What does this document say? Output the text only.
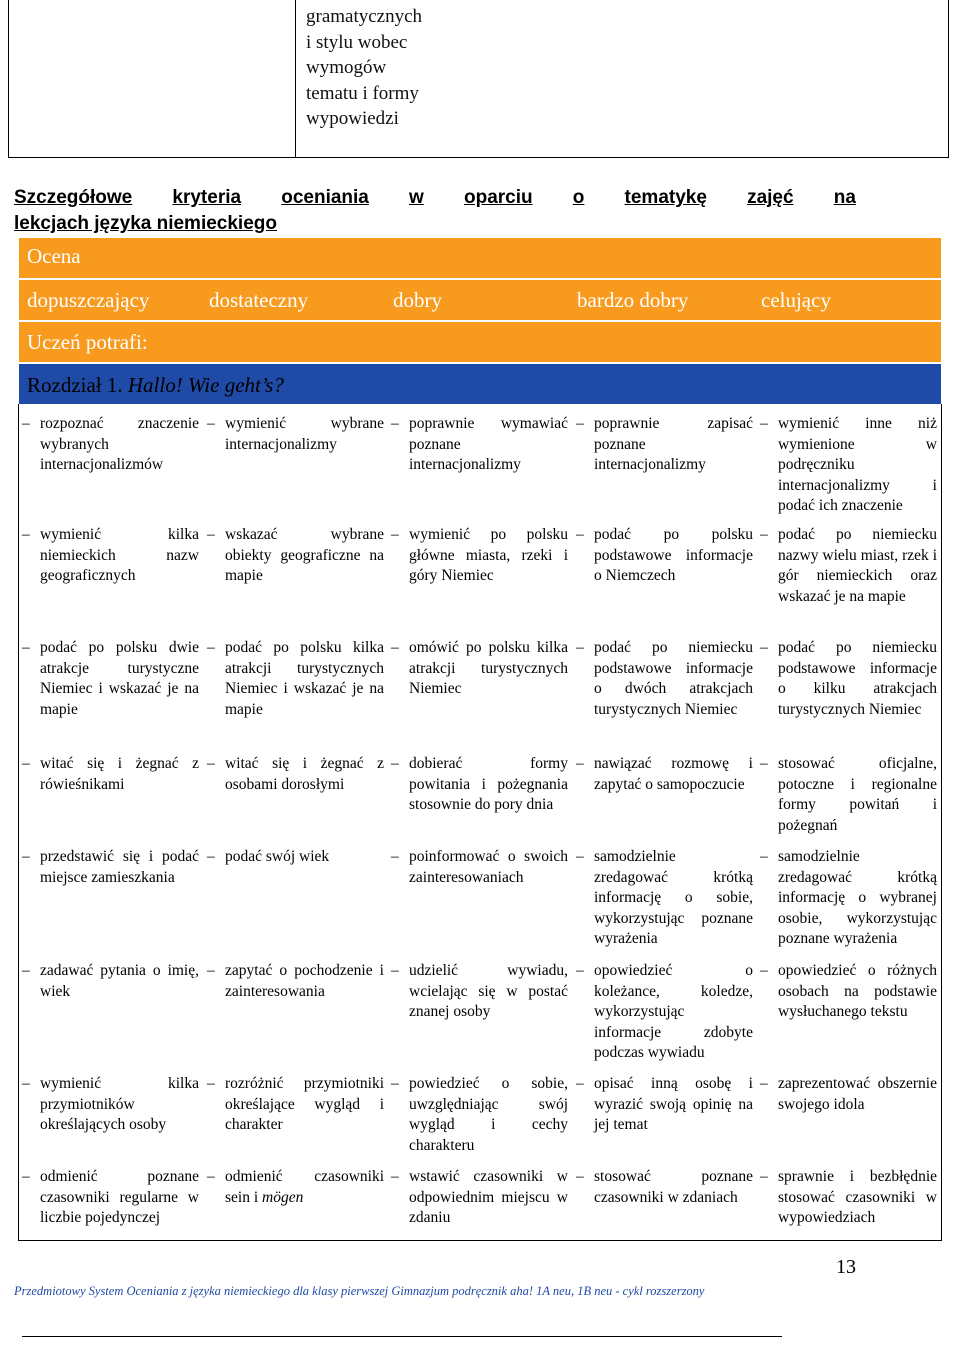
gramatycznych
i stylu wobec
wymogów
tematu i formy
wypowiedzi
Szczegółowe kryteria oceniania w oparciu o tematykę zajęć na
lekcjach języka niemieckiego
Ocena
dopuszczający	dostateczny	dobry	bardzo dobry	celujący
Uczeń potrafi:
Rozdział 1. Hallo! Wie geht’s?
– rozpoznać znaczenie wybranych internacjonalizmów
– wymienić wybrane internacjonalizmy
– poprawnie wymawiać poznane internacjonalizmy
– poprawnie zapisać poznane internacjonalizmy
– wymienić inne niż wymienione w podręczniku internacjonalizmy i podać ich znaczenie
– wymienić kilka niemieckich nazw geograficznych
– wskazać wybrane obiekty geograficzne na mapie
– wymienić po polsku główne miasta, rzeki i góry Niemiec
– podać po polsku podstawowe informacje o Niemczech
– podać po niemiecku nazwy wielu miast, rzek i gór niemieckich oraz wskazać je na mapie
– podać po polsku dwie atrakcje turystyczne Niemiec i wskazać je na mapie
– podać po polsku kilka atrakcji turystycznych Niemiec i wskazać je na mapie
– omówić po polsku kilka atrakcji turystycznych Niemiec
– podać po niemiecku podstawowe informacje o dwóch atrakcjach turystycznych Niemiec
– podać po niemiecku podstawowe informacje o kilku atrakcjach turystycznych Niemiec
– witać się i żegnać z rówieśnikami
– witać się i żegnać z osobami dorosłymi
– dobierać formy powitania i pożegnania stosownie do pory dnia
– nawiązać rozmowę i zapytać o samopoczucie
– stosować oficjalne, potoczne i regionalne formy powitań i pożegnań
– przedstawić się i podać miejsce zamieszkania
– podać swój wiek
–	poinformować o swoich zainteresowaniach
– samodzielnie zredagować krótką informację o sobie, wykorzystując poznane wyrażenia
– samodzielnie zredagować krótką informację o wybranej osobie, wykorzystując poznane wyrażenia
– zadawać pytania o imię, wiek
– zapytać o pochodzenie i zainteresowania
– udzielić wywiadu, wcielając się w postać znanej osoby
– opowiedzieć o koleżance, koledze, wykorzystując informacje zdobyte podczas wywiadu
– opowiedzieć o różnych osobach na podstawie wysłuchanego tekstu
– wymienić kilka przymiotników określających osoby
– rozróżnić przymiotniki określające wygląd i charakter
– powiedzieć o sobie, uwzględniając swój wygląd i cechy charakteru
– opisać inną osobę i wyrazić swoją opinię na jej temat
– zaprezentować obszernie swojego idola
– odmienić poznane czasowniki regularne w liczbie pojedynczej
– odmienić czasowniki sein i mögen
– wstawić czasowniki w odpowiednim miejscu w zdaniu
– stosować poznane czasowniki w zdaniach
– sprawnie i bezbłędnie stosować czasowniki w wypowiedziach
13
Przedmiotowy System Oceniania z języka niemieckiego dla klasy pierwszej Gimnazjum podręcznik aha! 1A neu, 1B neu - cykl rozszerzony
